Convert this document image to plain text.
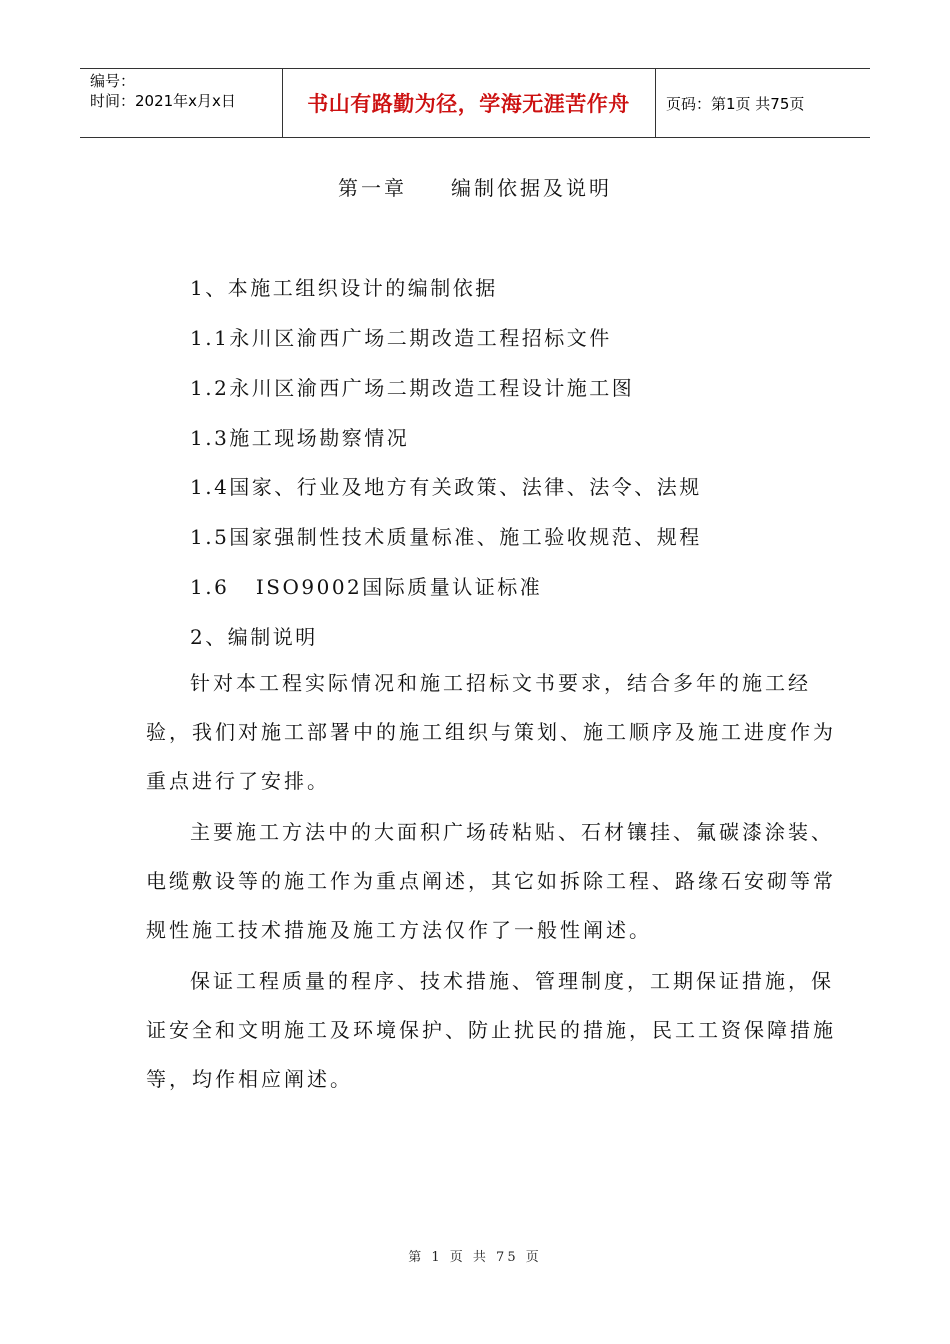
编号：
时间：2021年x月x日	书山有路勤为径，学海无涯苦作舟	页码：第1页 共75页
第一章 编制依据及说明
1、本施工组织设计的编制依据
1.1永川区渝西广场二期改造工程招标文件
1.2永川区渝西广场二期改造工程设计施工图
1.3施工现场勘察情况
1.4国家、行业及地方有关政策、法律、法令、法规
1.5国家强制性技术质量标准、施工验收规范、规程
1.6   ISO9002国际质量认证标准
2、编制说明

针对本工程实际情况和施工招标文书要求，结合多年的施工经验，我们对施工部署中的施工组织与策划、施工顺序及施工进度作为重点进行了安排。

主要施工方法中的大面积广场砖粘贴、石材镶挂、氟碳漆涂装、电缆敷设等的施工作为重点阐述，其它如拆除工程、路缘石安砌等常规性施工技术措施及施工方法仅作了一般性阐述。

保证工程质量的程序、技术措施、管理制度，工期保证措施，保证安全和文明施工及环境保护、防止扰民的措施，民工工资保障措施等，均作相应阐述。

第 1 页 共 75 页
